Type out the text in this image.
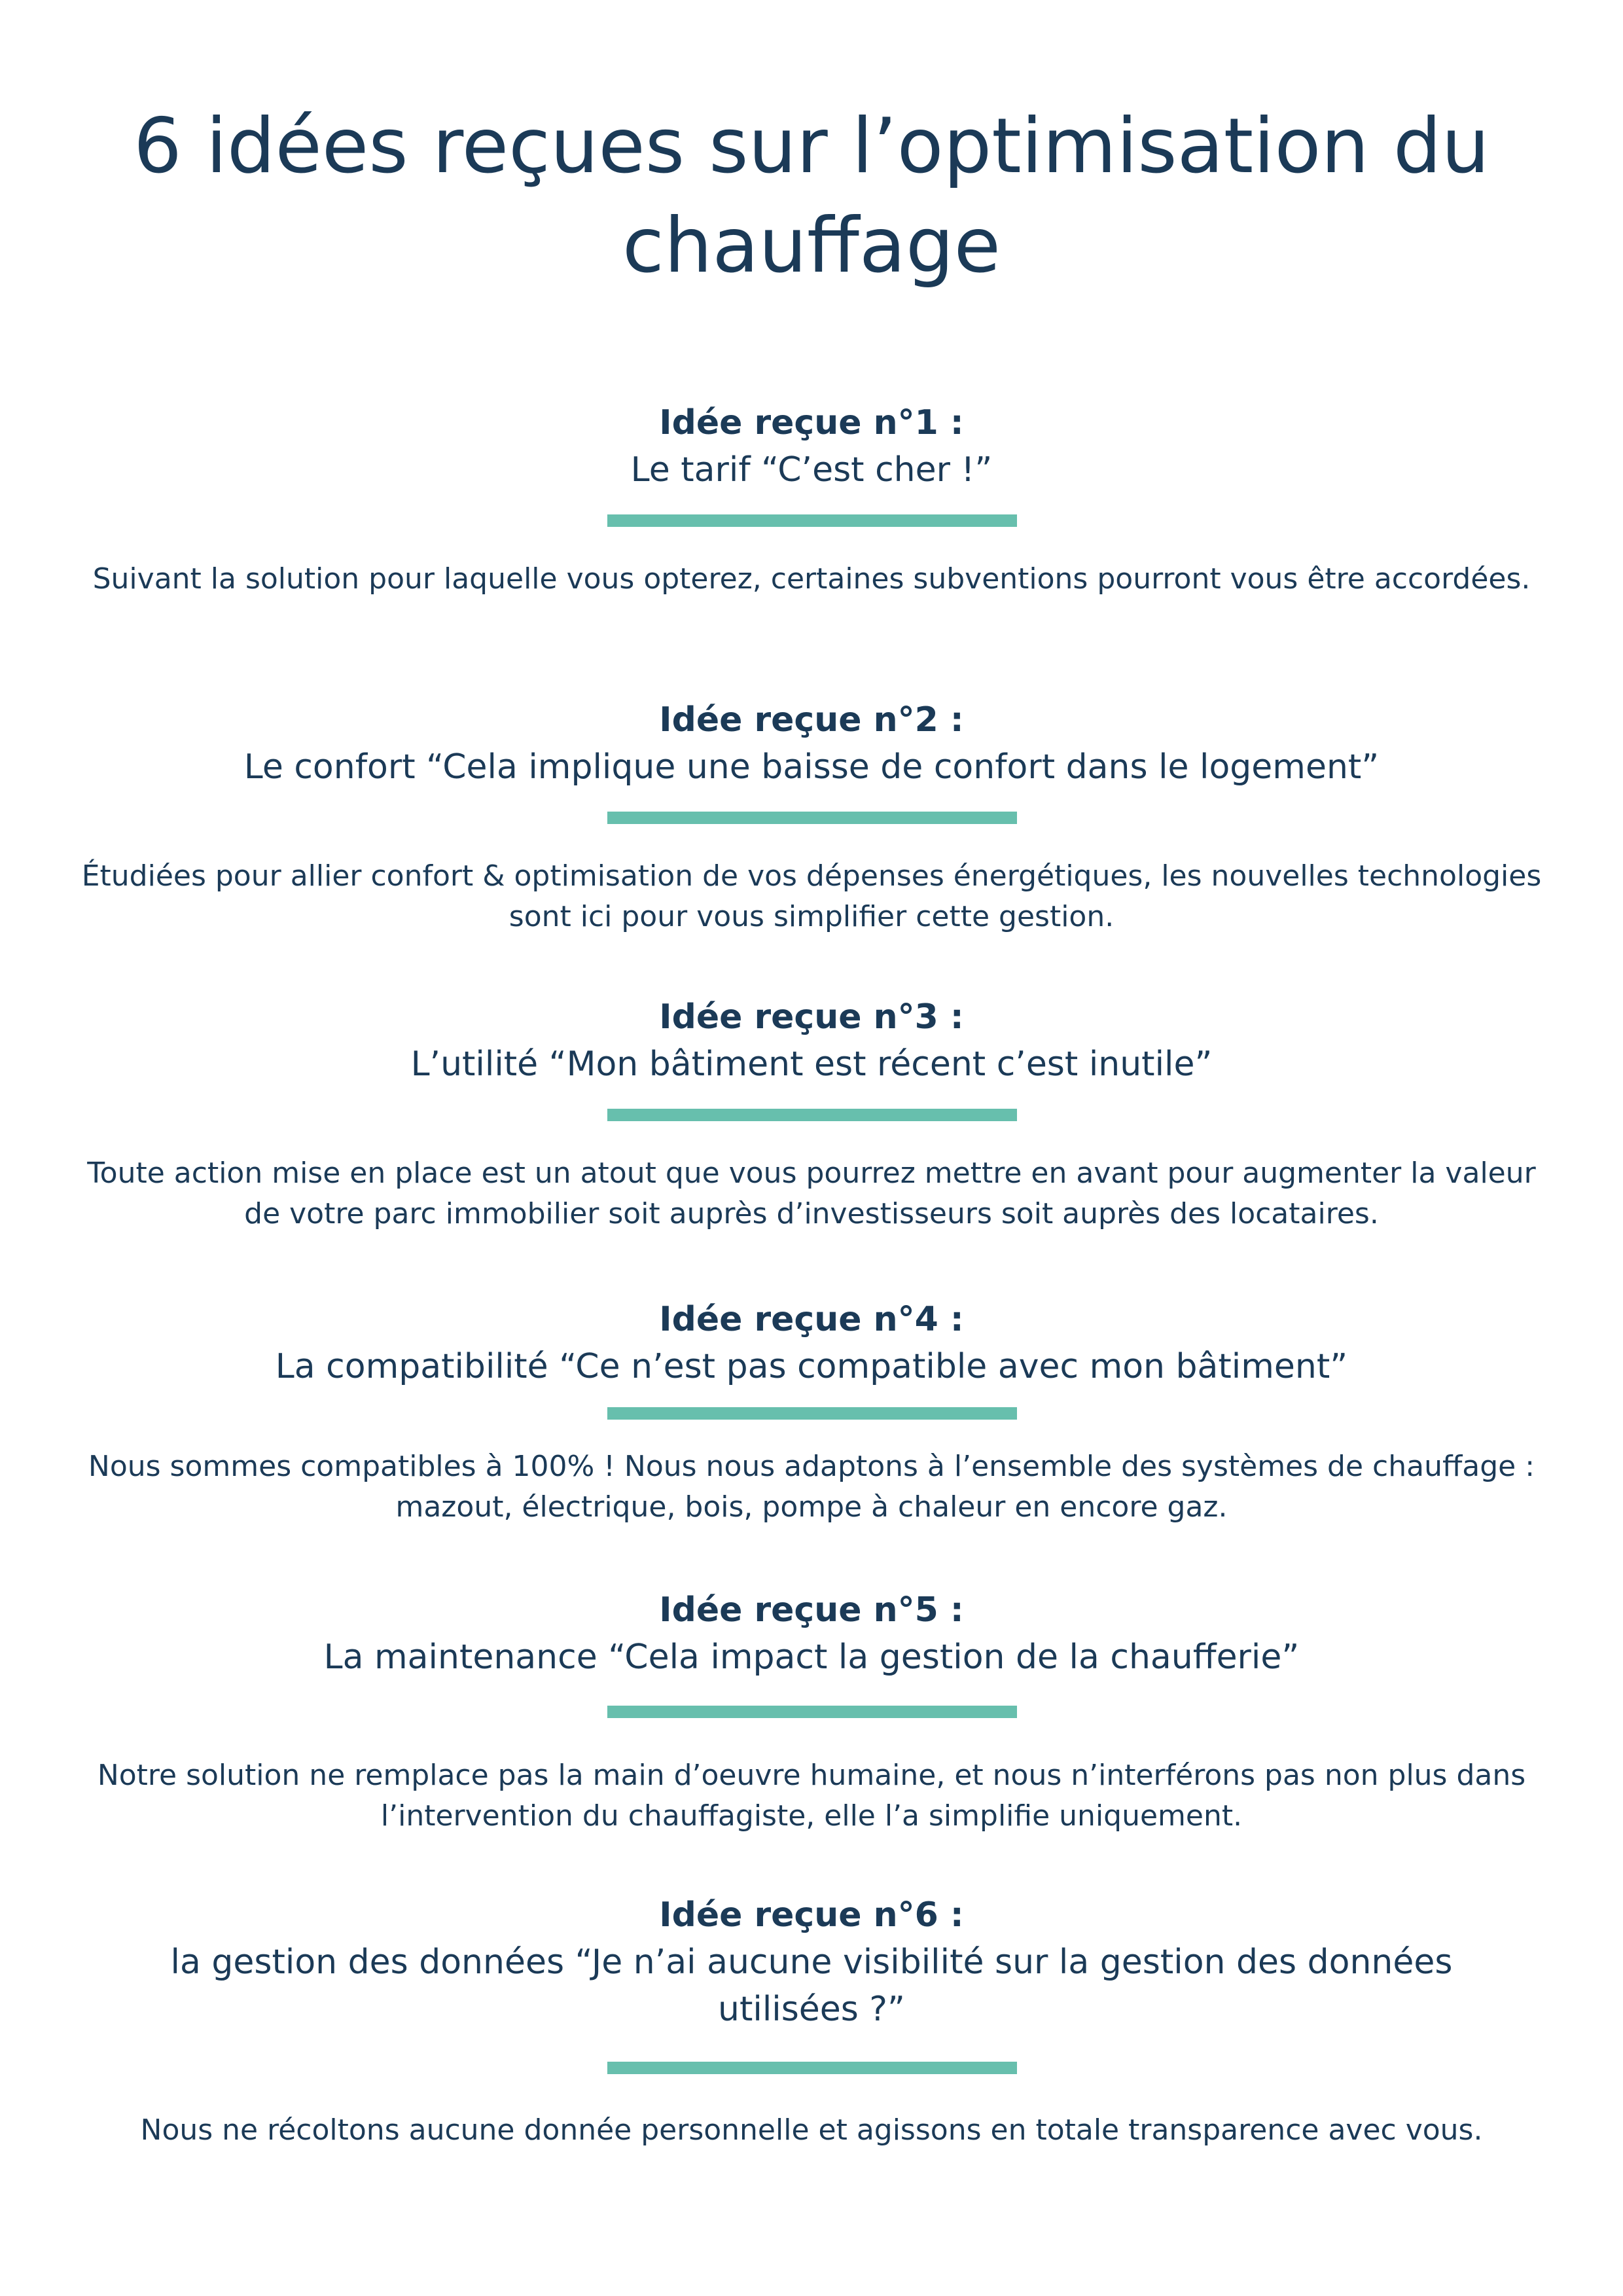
6 idées reçues sur l’optimisation du chauffage

Idée reçue n°1 :

Le tarif “C’est cher !”

Suivant la solution pour laquelle vous opterez, certaines subventions pourront vous être accordées.

Idée reçue n°2 :

Le confort “Cela implique une baisse de confort dans le logement”

Étudiées pour allier confort & optimisation de vos dépenses énergétiques, les nouvelles technologies sont ici pour vous simplifier cette gestion.

Idée reçue n°3 :

L’utilité “Mon bâtiment est récent c’est inutile”

Toute action mise en place est un atout que vous pourrez mettre en avant pour augmenter la valeur de votre parc immobilier soit auprès d’investisseurs soit auprès des locataires.

Idée reçue n°4 :

La compatibilité “Ce n’est pas compatible avec mon bâtiment”

Nous sommes compatibles à 100% ! Nous nous adaptons à l’ensemble des systèmes de chauffage : mazout, électrique, bois, pompe à chaleur en encore gaz.

Idée reçue n°5 :

La maintenance “Cela impact la gestion de la chaufferie”

Notre solution ne remplace pas la main d’oeuvre humaine, et nous n’interférons pas non plus dans l’intervention du chauffagiste, elle l’a simplifie uniquement.

Idée reçue n°6 :

la gestion des données “Je n’ai aucune visibilité sur la gestion des données utilisées ?”

Nous ne récoltons aucune donnée personnelle et agissons en totale transparence avec vous.
